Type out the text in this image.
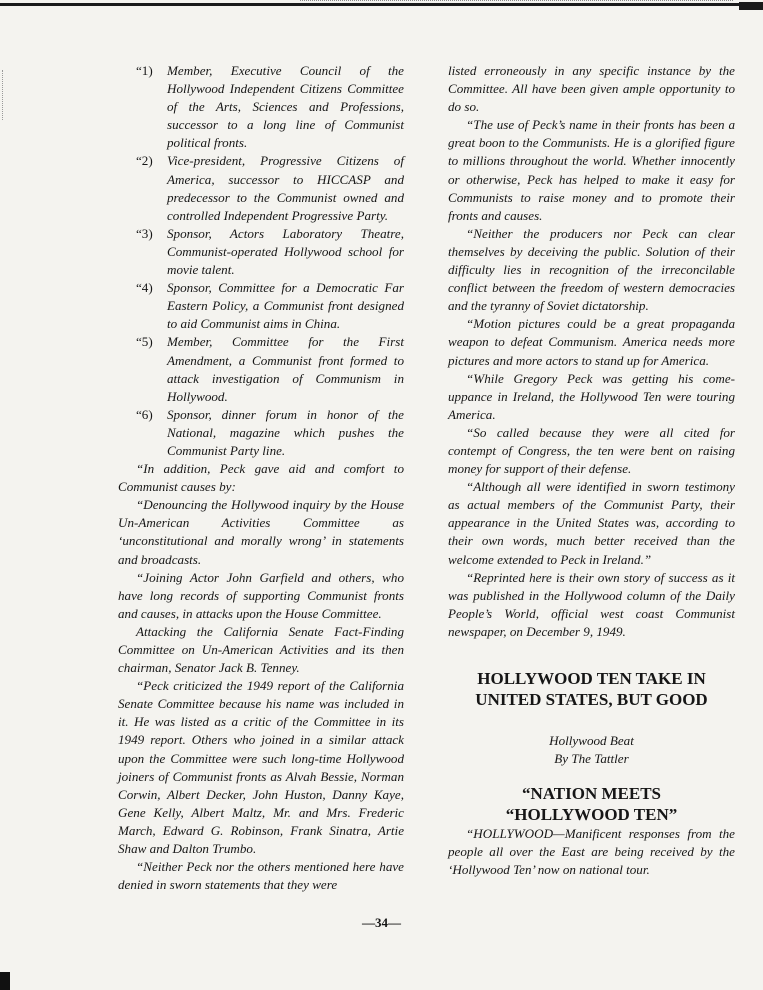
“1) Member, Executive Council of the Hollywood Independent Citizens Committee of the Arts, Sciences and Professions, successor to a long line of Communist political fronts.
“2) Vice-president, Progressive Citizens of America, successor to HICCASP and predecessor to the Communist owned and controlled Independent Progressive Party.
“3) Sponsor, Actors Laboratory Theatre, Communist-operated Hollywood school for movie talent.
“4) Sponsor, Committee for a Democratic Far Eastern Policy, a Communist front designed to aid Communist aims in China.
“5) Member, Committee for the First Amendment, a Communist front formed to attack investigation of Communism in Hollywood.
“6) Sponsor, dinner forum in honor of the National, magazine which pushes the Communist Party line.

“In addition, Peck gave aid and comfort to Communist causes by:

“Denouncing the Hollywood inquiry by the House Un-American Activities Committee as ‘unconstitutional and morally wrong’ in statements and broadcasts.

“Joining Actor John Garfield and others, who have long records of supporting Communist fronts and causes, in attacks upon the House Committee.

Attacking the California Senate Fact-Finding Committee on Un-American Activities and its then chairman, Senator Jack B. Tenney.

“Peck criticized the 1949 report of the California Senate Committee because his name was included in it. He was listed as a critic of the Committee in its 1949 report. Others who joined in a similar attack upon the Committee were such long-time Hollywood joiners of Communist fronts as Alvah Bessie, Norman Corwin, Albert Decker, John Huston, Danny Kaye, Gene Kelly, Albert Maltz, Mr. and Mrs. Frederic March, Edward G. Robinson, Frank Sinatra, Artie Shaw and Dalton Trumbo.

“Neither Peck nor the others mentioned here have denied in sworn statements that they were

listed erroneously in any specific instance by the Committee. All have been given ample opportunity to do so.

“The use of Peck’s name in their fronts has been a great boon to the Communists. He is a glorified figure to millions throughout the world. Whether innocently or otherwise, Peck has helped to make it easy for Communists to raise money and to promote their fronts and causes.

“Neither the producers nor Peck can clear themselves by deceiving the public. Solution of their difficulty lies in recognition of the irreconcilable conflict between the freedom of western democracies and the tyranny of Soviet dictatorship.

“Motion pictures could be a great propaganda weapon to defeat Communism. America needs more pictures and more actors to stand up for America.

“While Gregory Peck was getting his come-uppance in Ireland, the Hollywood Ten were touring America.

“So called because they were all cited for contempt of Congress, the ten were bent on raising money for support of their defense.

“Although all were identified in sworn testimony as actual members of the Communist Party, their appearance in the United States was, according to their own words, much better received than the welcome extended to Peck in Ireland.”

“Reprinted here is their own story of success as it was published in the Hollywood column of the Daily People’s World, official west coast Communist newspaper, on December 9, 1949.

HOLLYWOOD TEN TAKE IN
UNITED STATES, BUT GOOD

Hollywood Beat

By The Tattler

“NATION MEETS
“HOLLYWOOD TEN”

“HOLLYWOOD—Manificent responses from the people all over the East are being received by the ‘Hollywood Ten’ now on national tour.

—34—
